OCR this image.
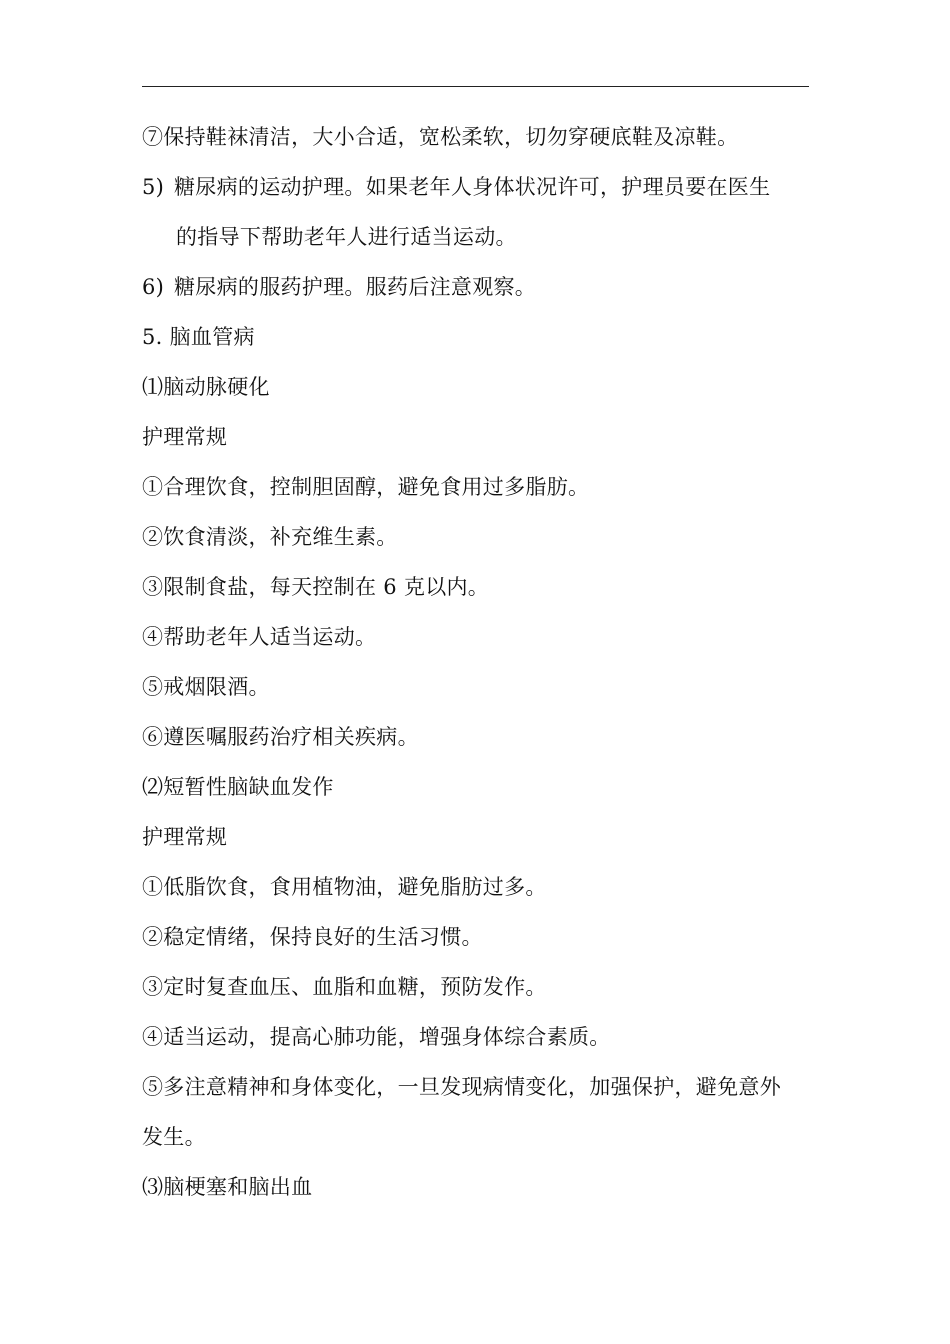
⑦保持鞋袜清洁，大小合适，宽松柔软，切勿穿硬底鞋及凉鞋。
5) 糖尿病的运动护理。如果老年人身体状况许可，护理员要在医生
的指导下帮助老年人进行适当运动。
6) 糖尿病的服药护理。服药后注意观察。
5. 脑血管病
⑴脑动脉硬化
护理常规
①合理饮食，控制胆固醇，避免食用过多脂肪。
②饮食清淡，补充维生素。
③限制食盐，每天控制在 6 克以内。
④帮助老年人适当运动。
⑤戒烟限酒。
⑥遵医嘱服药治疗相关疾病。
⑵短暂性脑缺血发作
护理常规
①低脂饮食，食用植物油，避免脂肪过多。
②稳定情绪，保持良好的生活习惯。
③定时复查血压、血脂和血糖，预防发作。
④适当运动，提高心肺功能，增强身体综合素质。
⑤多注意精神和身体变化，一旦发现病情变化，加强保护，避免意外
发生。
⑶脑梗塞和脑出血
